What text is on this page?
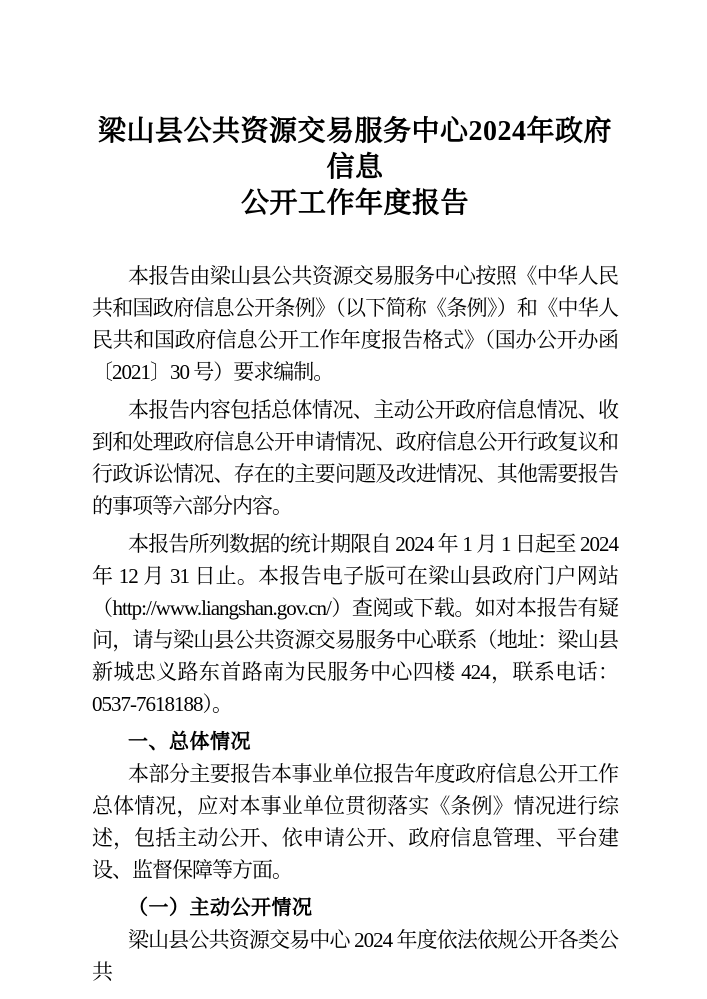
梁山县公共资源交易服务中心2024年政府信息
公开工作年度报告

本报告由梁山县公共资源交易服务中心按照《中华人民共和国政府信息公开条例》（以下简称《条例》）和《中华人民共和国政府信息公开工作年度报告格式》（国办公开办函〔2021〕30 号）要求编制。

本报告内容包括总体情况、主动公开政府信息情况、收到和处理政府信息公开申请情况、政府信息公开行政复议和行政诉讼情况、存在的主要问题及改进情况、其他需要报告的事项等六部分内容。

本报告所列数据的统计期限自 2024 年 1 月 1 日起至 2024 年 12 月 31 日止。本报告电子版可在梁山县政府门户网站（http://www.liangshan.gov.cn/）查阅或下载。如对本报告有疑问，请与梁山县公共资源交易服务中心联系（地址：梁山县新城忠义路东首路南为民服务中心四楼 424，联系电话：0537-7618188）。

一、总体情况

本部分主要报告本事业单位报告年度政府信息公开工作总体情况，应对本事业单位贯彻落实《条例》情况进行综述，包括主动公开、依申请公开、政府信息管理、平台建设、监督保障等方面。

（一）主动公开情况

梁山县公共资源交易中心 2024 年度依法依规公开各类公共
